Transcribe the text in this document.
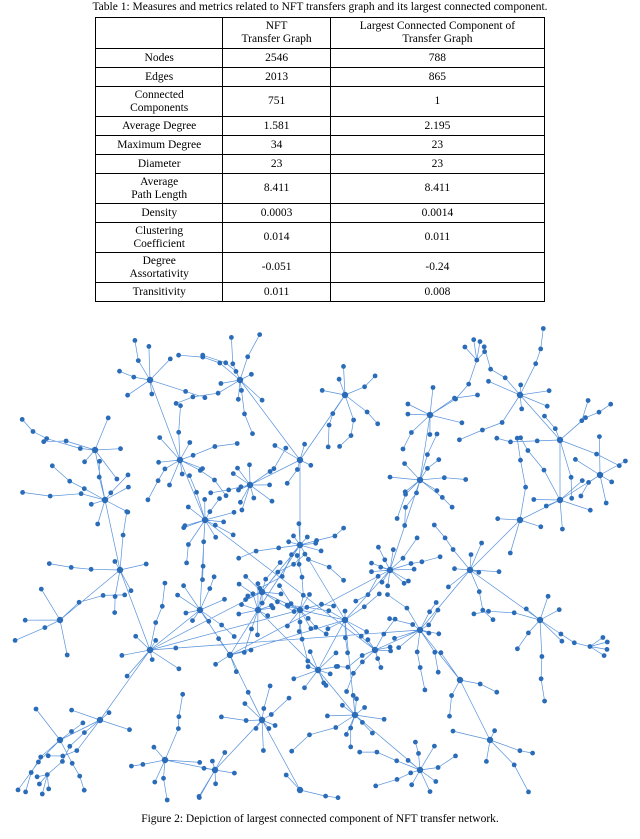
Table 1: Measures and metrics related to NFT transfers graph and its largest connected component.

	NFT
Transfer Graph	Largest Connected Component of
Transfer Graph

Nodes	2546	788
Edges	2013	865

Connected
Components	751	1
Average Degree	1.581	2.195
Maximum Degree	34	23
Diameter	23	23

Average
Path Length	8.411	8.411
Density	0.0003	0.0014

Clustering
Coefficient	0.014	0.011

Degree
Assortativity	-0.051	-0.24
Transitivity	0.011	0.008
Figure 2: Depiction of largest connected component of NFT transfer network.
